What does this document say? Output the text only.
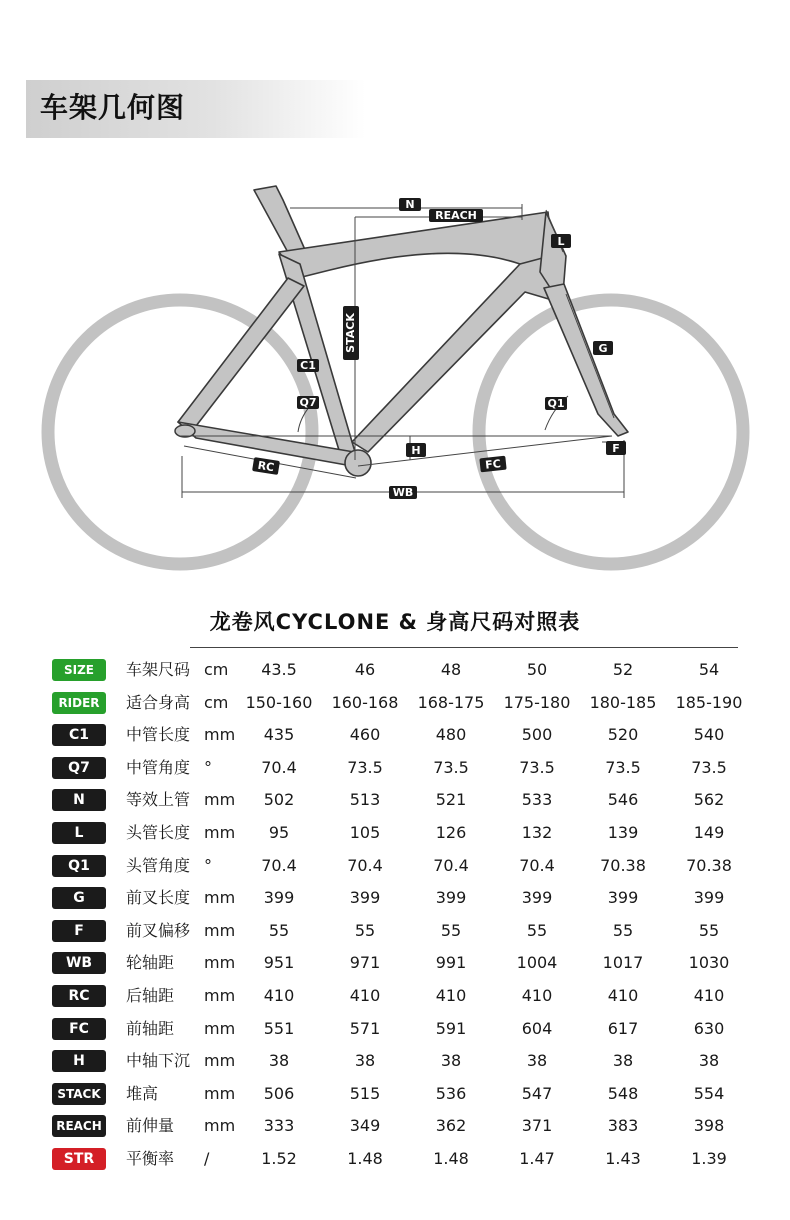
车架几何图
N
REACH
L
STACK
C1
Q7
G
Q1
H	F
RC	FC
WB
龙卷风CYCLONE & 身高尺码对照表
SIZE	车架尺码 cm	43.5	46	48	50	52	54
RIDER	适合身高 cm	150-160	160-168	168-175	175-180	180-185	185-190
C1	中管长度 mm	435	460	480	500	520	540
Q7	中管角度 °	70.4	73.5	73.5	73.5	73.5	73.5
N	等效上管 mm	502	513	521	533	546	562
L	头管长度 mm	95	105	126	132	139	149
Q1	头管角度 °	70.4	70.4	70.4	70.4	70.38	70.38
G	前叉长度 mm	399	399	399	399	399	399
F	前叉偏移 mm	55	55	55	55	55	55
WB	轮轴距 mm	951	971	991	1004	1017	1030
RC	后轴距 mm	410	410	410	410	410	410
FC	前轴距 mm	551	571	591	604	617	630
H	中轴下沉 mm	38	38	38	38	38	38
STACK	堆高	mm	506	515	536	547	548	554
REACH 前伸量 mm	333	349	362	371	383	398
STR	平衡率 /	1.52	1.48	1.48	1.47	1.43	1.39
